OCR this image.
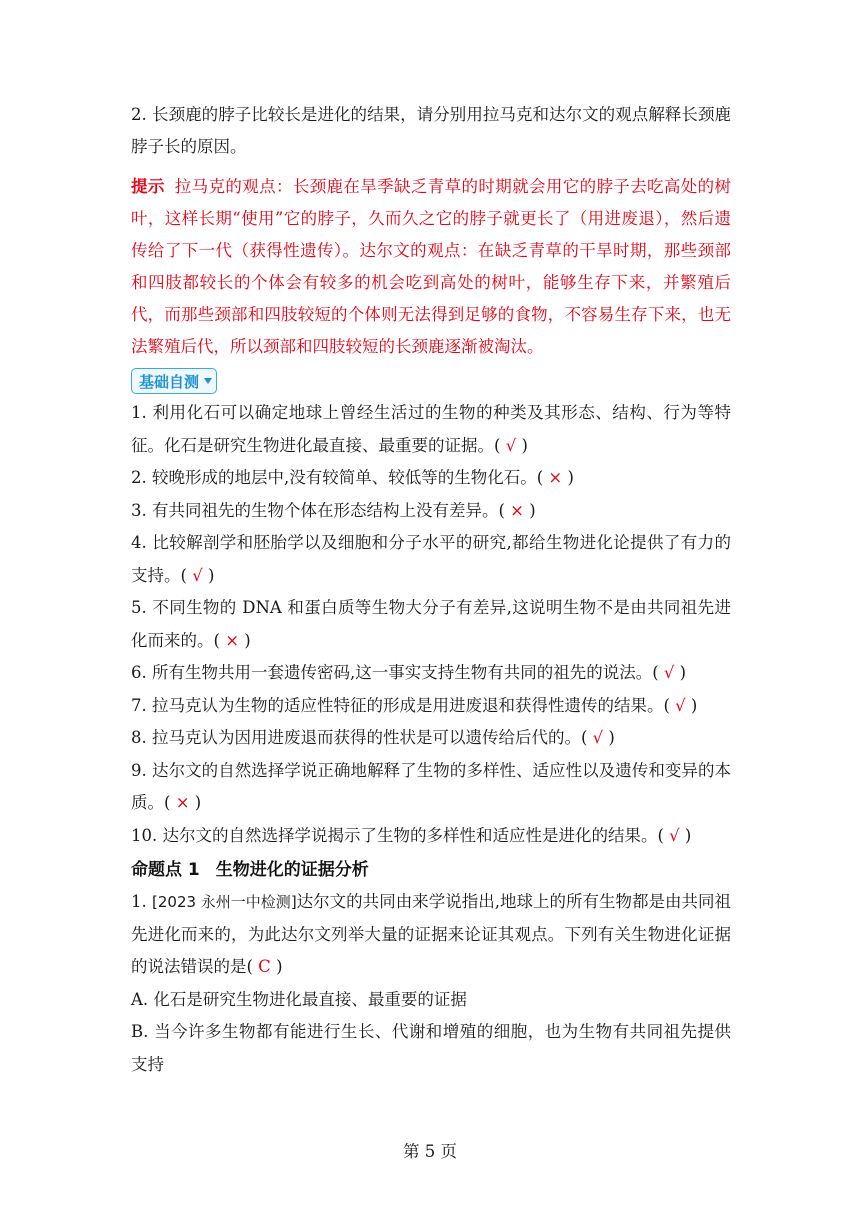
2. 长颈鹿的脖子比较长是进化的结果，请分别用拉马克和达尔文的观点解释长颈鹿脖子长的原因。

提示 拉马克的观点：长颈鹿在旱季缺乏青草的时期就会用它的脖子去吃高处的树叶，这样长期“使用”它的脖子，久而久之它的脖子就更长了（用进废退），然后遗传给了下一代（获得性遗传）。达尔文的观点：在缺乏青草的干旱时期，那些颈部和四肢都较长的个体会有较多的机会吃到高处的树叶，能够生存下来，并繁殖后代，而那些颈部和四肢较短的个体则无法得到足够的食物，不容易生存下来，也无法繁殖后代，所以颈部和四肢较短的长颈鹿逐渐被淘汰。

基础自测

1. 利用化石可以确定地球上曾经生活过的生物的种类及其形态、结构、行为等特征。化石是研究生物进化最直接、最重要的证据。( √ )

2. 较晚形成的地层中,没有较简单、较低等的生物化石。( × )

3. 有共同祖先的生物个体在形态结构上没有差异。( × )

4. 比较解剖学和胚胎学以及细胞和分子水平的研究,都给生物进化论提供了有力的支持。( √ )

5. 不同生物的 DNA 和蛋白质等生物大分子有差异,这说明生物不是由共同祖先进化而来的。( × )

6. 所有生物共用一套遗传密码,这一事实支持生物有共同的祖先的说法。( √ )

7. 拉马克认为生物的适应性特征的形成是用进废退和获得性遗传的结果。( √ )

8. 拉马克认为因用进废退而获得的性状是可以遗传给后代的。( √ )

9. 达尔文的自然选择学说正确地解释了生物的多样性、适应性以及遗传和变异的本质。( × )

10. 达尔文的自然选择学说揭示了生物的多样性和适应性是进化的结果。( √ )

命题点 1 生物进化的证据分析

1. [2023 永州一中检测]达尔文的共同由来学说指出,地球上的所有生物都是由共同祖先进化而来的，为此达尔文列举大量的证据来论证其观点。下列有关生物进化证据的说法错误的是( C )

A. 化石是研究生物进化最直接、最重要的证据

B. 当今许多生物都有能进行生长、代谢和增殖的细胞，也为生物有共同祖先提供支持

第 5 页
